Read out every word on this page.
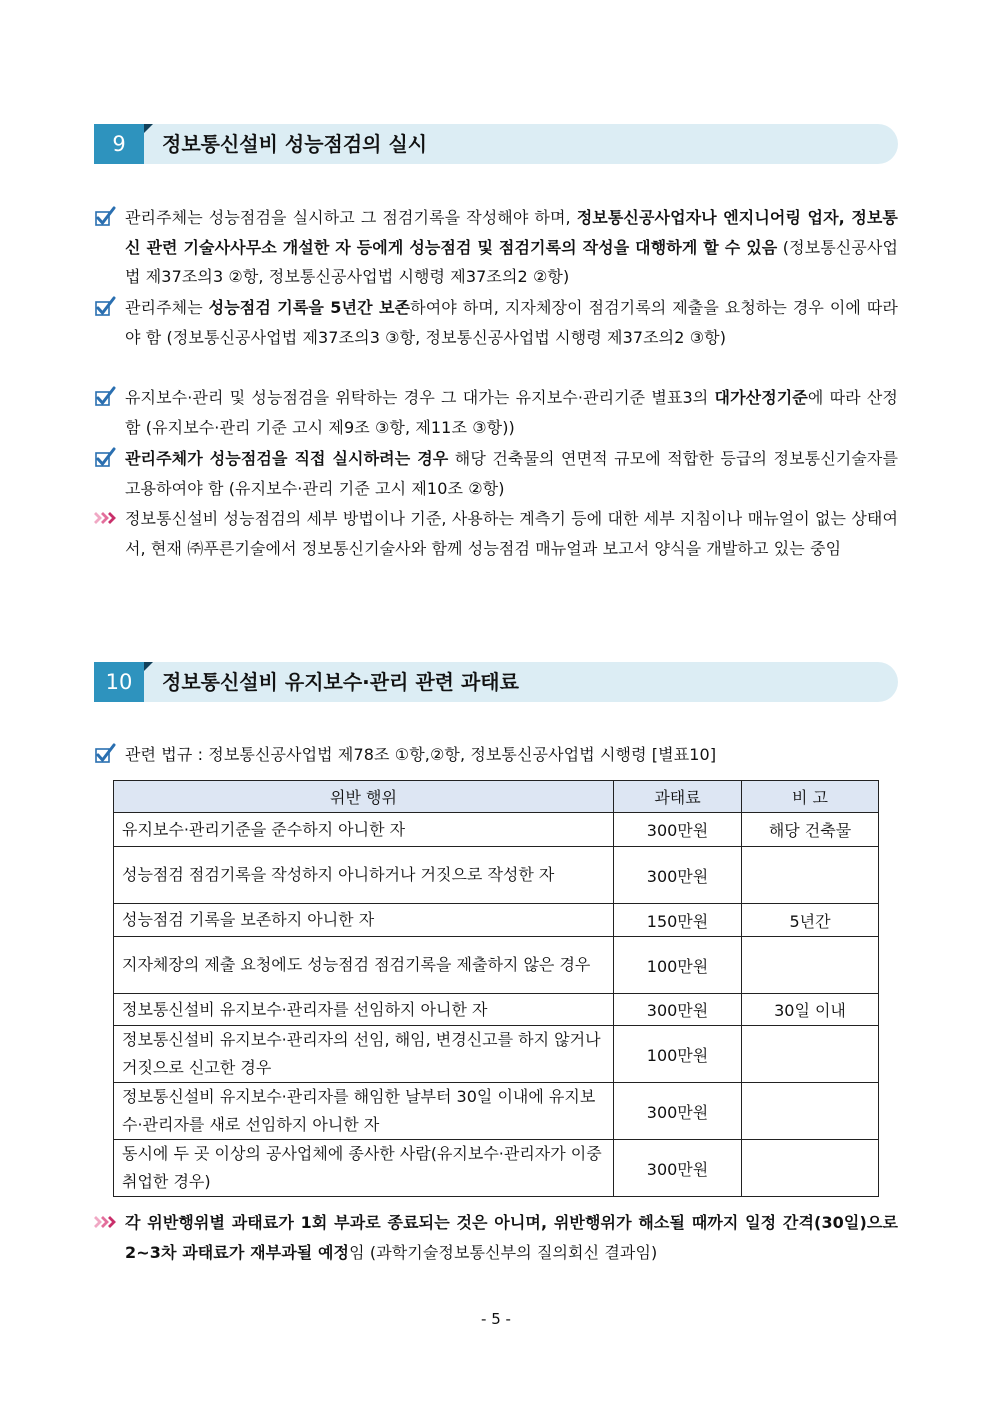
9	정보통신설비 성능점검의 실시
관리주체는 성능점검을 실시하고 그 점검기록을 작성해야 하며, 정보통신공사업자나 엔지니어링 업자, 정보통신 관련 기술사사무소 개설한 자 등에게 성능점검 및 점검기록의 작성을 대행하게 할 수 있음 (정보통신공사업법 제37조의3 ②항, 정보통신공사업법 시행령 제37조의2 ②항)
관리주체는 성능점검 기록을 5년간 보존하여야 하며, 지자체장이 점검기록의 제출을 요청하는 경우 이에 따라야 함 (정보통신공사업법 제37조의3 ③항, 정보통신공사업법 시행령 제37조의2 ③항)
유지보수·관리 및 성능점검을 위탁하는 경우 그 대가는 유지보수·관리기준 별표3의 대가산정기준에 따라 산정함 (유지보수·관리 기준 고시 제9조 ③항, 제11조 ③항))
관리주체가 성능점검을 직접 실시하려는 경우 해당 건축물의 연면적 규모에 적합한 등급의 정보통신기술자를 고용하여야 함 (유지보수·관리 기준 고시 제10조 ②항)
정보통신설비 성능점검의 세부 방법이나 기준, 사용하는 계측기 등에 대한 세부 지침이나 매뉴얼이 없는 상태여서, 현재 ㈜푸른기술에서 정보통신기술사와 함께 성능점검 매뉴얼과 보고서 양식을 개발하고 있는 중임
10	정보통신설비 유지보수·관리 관련 과태료
관련 법규 : 정보통신공사업법 제78조 ①항,②항, 정보통신공사업법 시행령 [별표10]
위반 행위	과태료	비 고
유지보수·관리기준을 준수하지 아니한 자	300만원	해당 건축물
성능점검 점검기록을 작성하지 아니하거나 거짓으로 작성한 자	300만원	
성능점검 기록을 보존하지 아니한 자	150만원	5년간
지자체장의 제출 요청에도 성능점검 점검기록을 제출하지 않은 경우	100만원	
정보통신설비 유지보수·관리자를 선임하지 아니한 자	300만원	30일 이내
정보통신설비 유지보수·관리자의 선임, 해임, 변경신고를 하지 않거나 거짓으로 신고한 경우	100만원	
정보통신설비 유지보수·관리자를 해임한 날부터 30일 이내에 유지보수·관리자를 새로 선임하지 아니한 자	300만원	
동시에 두 곳 이상의 공사업체에 종사한 사람(유지보수·관리자가 이중 취업한 경우)	300만원	
각 위반행위별 과태료가 1회 부과로 종료되는 것은 아니며, 위반행위가 해소될 때까지 일정 간격(30일)으로 2~3차 과태료가 재부과될 예정임 (과학기술정보통신부의 질의회신 결과임)
- 5 -
